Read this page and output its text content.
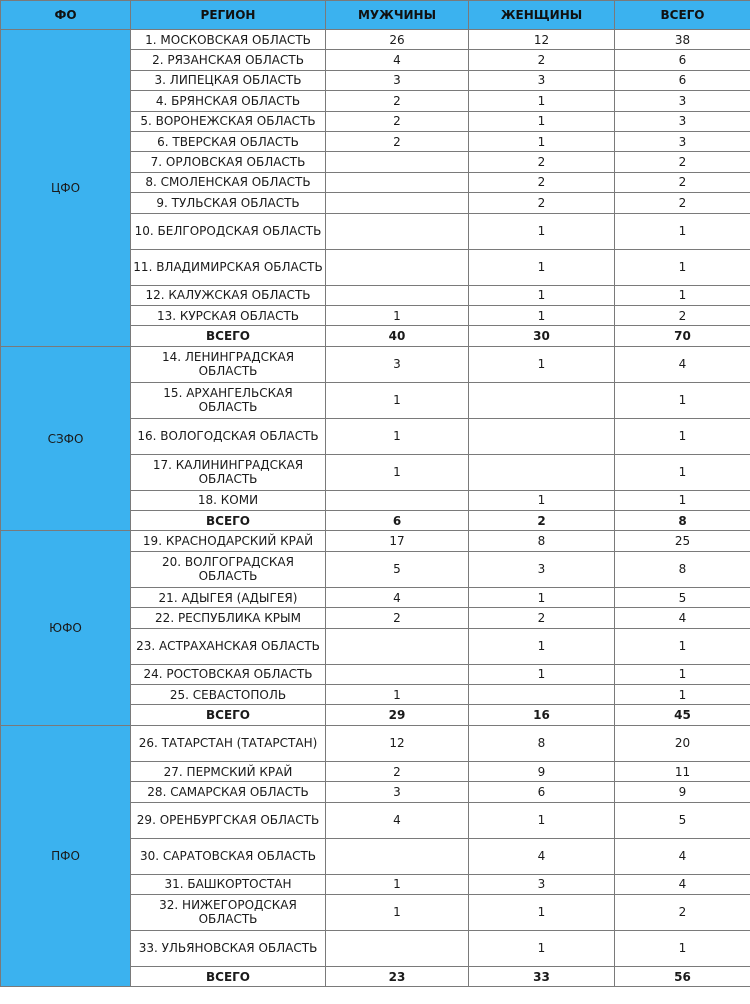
ФО	РЕГИОН	МУЖЧИНЫ	ЖЕНЩИНЫ	ВСЕГО
ЦФО	1. МОСКОВСКАЯ ОБЛАСТЬ	26	12	38
	2. РЯЗАНСКАЯ ОБЛАСТЬ	4	2	6
	3. ЛИПЕЦКАЯ ОБЛАСТЬ	3	3	6
	4. БРЯНСКАЯ ОБЛАСТЬ	2	1	3
	5. ВОРОНЕЖСКАЯ ОБЛАСТЬ	2	1	3
	6. ТВЕРСКАЯ ОБЛАСТЬ	2	1	3
	7. ОРЛОВСКАЯ ОБЛАСТЬ		2	2
	8. СМОЛЕНСКАЯ ОБЛАСТЬ		2	2
	9. ТУЛЬСКАЯ ОБЛАСТЬ		2	2
	10. БЕЛГОРОДСКАЯ ОБЛАСТЬ		1	1
	11. ВЛАДИМИРСКАЯ ОБЛАСТЬ		1	1
	12. КАЛУЖСКАЯ ОБЛАСТЬ		1	1
	13. КУРСКАЯ ОБЛАСТЬ	1	1	2
	ВСЕГО	40	30	70
СЗФО	14. ЛЕНИНГРАДСКАЯ ОБЛАСТЬ	3	1	4
	15. АРХАНГЕЛЬСКАЯ ОБЛАСТЬ	1		1
	16. ВОЛОГОДСКАЯ ОБЛАСТЬ	1		1
	17. КАЛИНИНГРАДСКАЯ ОБЛАСТЬ	1		1
	18. КОМИ		1	1
	ВСЕГО	6	2	8
ЮФО	19. КРАСНОДАРСКИЙ КРАЙ	17	8	25
	20. ВОЛГОГРАДСКАЯ ОБЛАСТЬ	5	3	8
	21. АДЫГЕЯ (АДЫГЕЯ)	4	1	5
	22. РЕСПУБЛИКА КРЫМ	2	2	4
	23. АСТРАХАНСКАЯ ОБЛАСТЬ		1	1
	24. РОСТОВСКАЯ ОБЛАСТЬ		1	1
	25. СЕВАСТОПОЛЬ	1		1
	ВСЕГО	29	16	45
ПФО	26. ТАТАРСТАН (ТАТАРСТАН)	12	8	20
	27. ПЕРМСКИЙ КРАЙ	2	9	11
	28. САМАРСКАЯ ОБЛАСТЬ	3	6	9
	29. ОРЕНБУРГСКАЯ ОБЛАСТЬ	4	1	5
	30. САРАТОВСКАЯ ОБЛАСТЬ		4	4
	31. БАШКОРТОСТАН	1	3	4
	32. НИЖЕГОРОДСКАЯ ОБЛАСТЬ	1	1	2
	33. УЛЬЯНОВСКАЯ ОБЛАСТЬ		1	1
	ВСЕГО	23	33	56
